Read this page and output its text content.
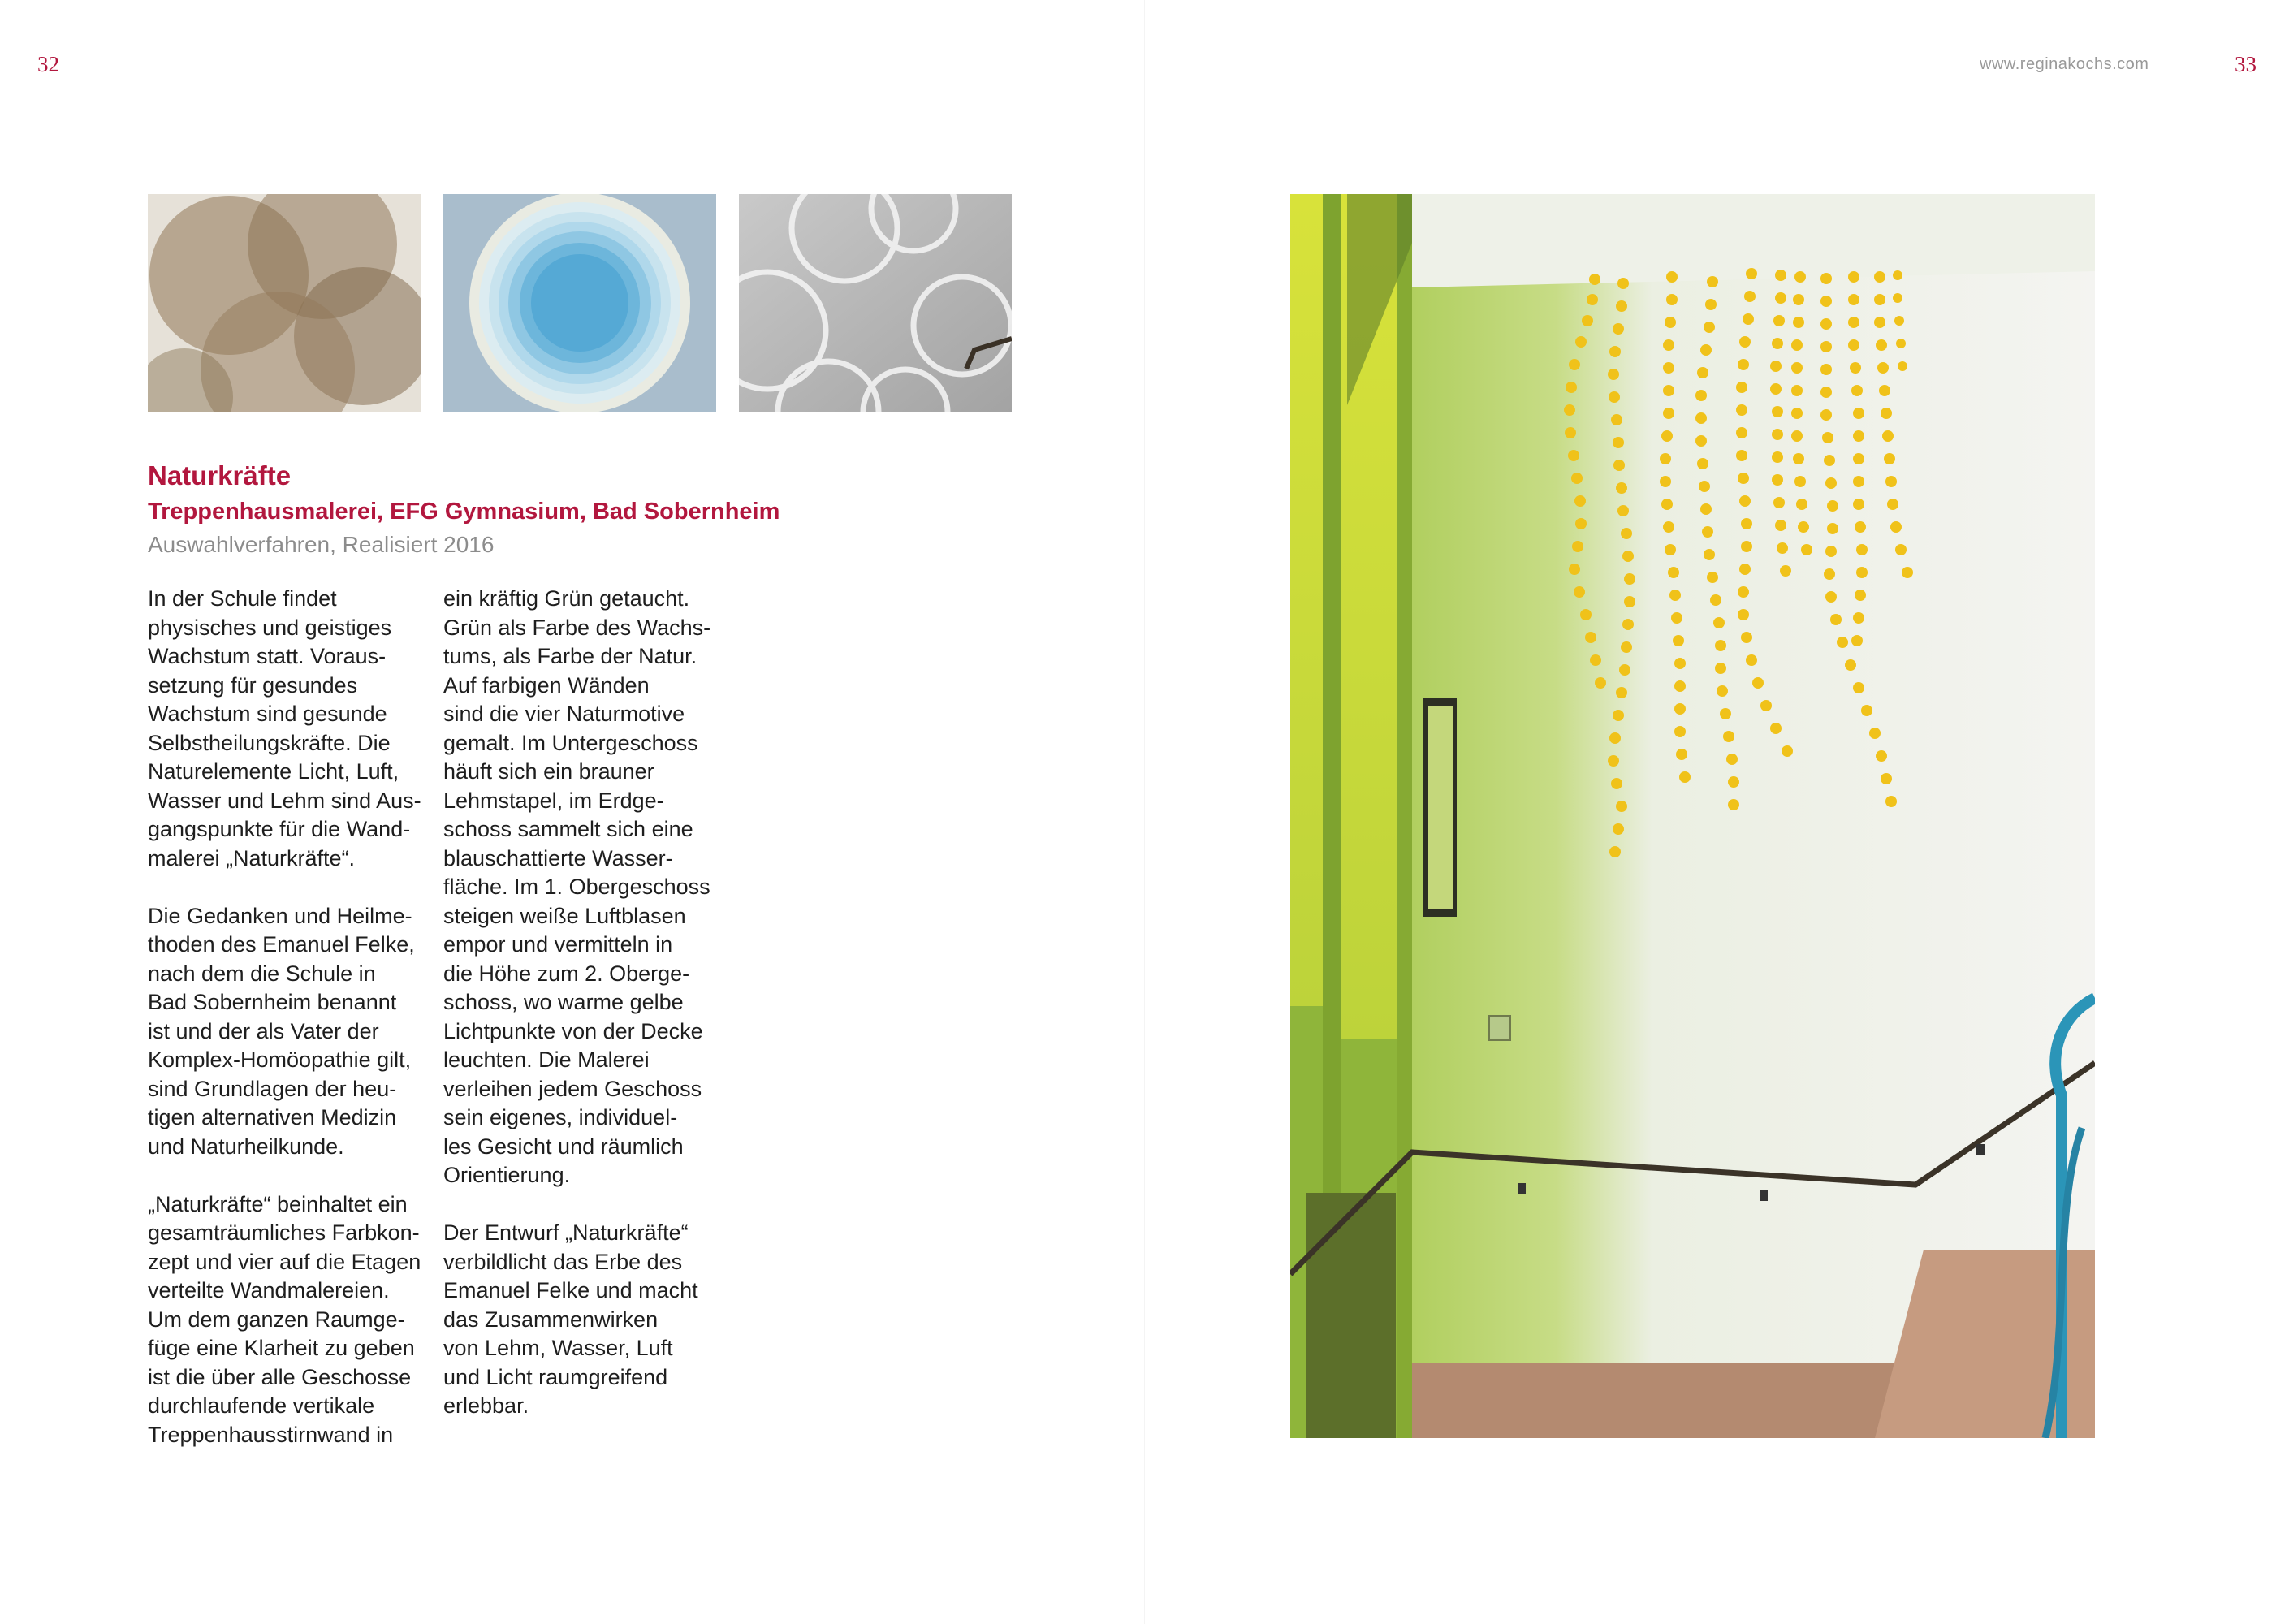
32	www.reginakochs.com	33
Naturkräfte
Treppenhausmalerei, EFG Gymnasium, Bad Sobernheim

Auswahlverfahren, Realisiert 2016

In der Schule findet
physisches und geistiges
Wachstum statt. Voraus-
setzung für gesundes
Wachstum sind gesunde
Selbstheilungskräfte. Die
Naturelemente Licht, Luft,
Wasser und Lehm sind Aus-
gangspunkte für die Wand-
malerei „Naturkräfte“.

Die Gedanken und Heilme-
thoden des Emanuel Felke,
nach dem die Schule in
Bad Sobernheim benannt
ist und der als Vater der
Komplex-Homöopathie gilt,
sind Grundlagen der heu-
tigen alternativen Medizin
und Naturheilkunde.

„Naturkräfte“ beinhaltet ein
gesamträumliches Farbkon-
zept und vier auf die Etagen
verteilte Wandmalereien.
Um dem ganzen Raumge-
füge eine Klarheit zu geben
ist die über alle Geschosse
durchlaufende vertikale
Treppenhausstirnwand in

ein kräftig Grün getaucht.
Grün als Farbe des Wachs-
tums, als Farbe der Natur.
Auf farbigen Wänden
sind die vier Naturmotive
gemalt. Im Untergeschoss
häuft sich ein brauner
Lehmstapel, im Erdge-
schoss sammelt sich eine
blauschattierte Wasser-
fläche. Im 1. Obergeschoss
steigen weiße Luftblasen
empor und vermitteln in
die Höhe zum 2. Oberge-
schoss, wo warme gelbe
Lichtpunkte von der Decke
leuchten. Die Malerei
verleihen jedem Geschoss
sein eigenes, individuel-
les Gesicht und räumlich
Orientierung.

Der Entwurf „Naturkräfte“
verbildlicht das Erbe des
Emanuel Felke und macht
das Zusammenwirken
von Lehm, Wasser, Luft
und Licht raumgreifend
erlebbar.
